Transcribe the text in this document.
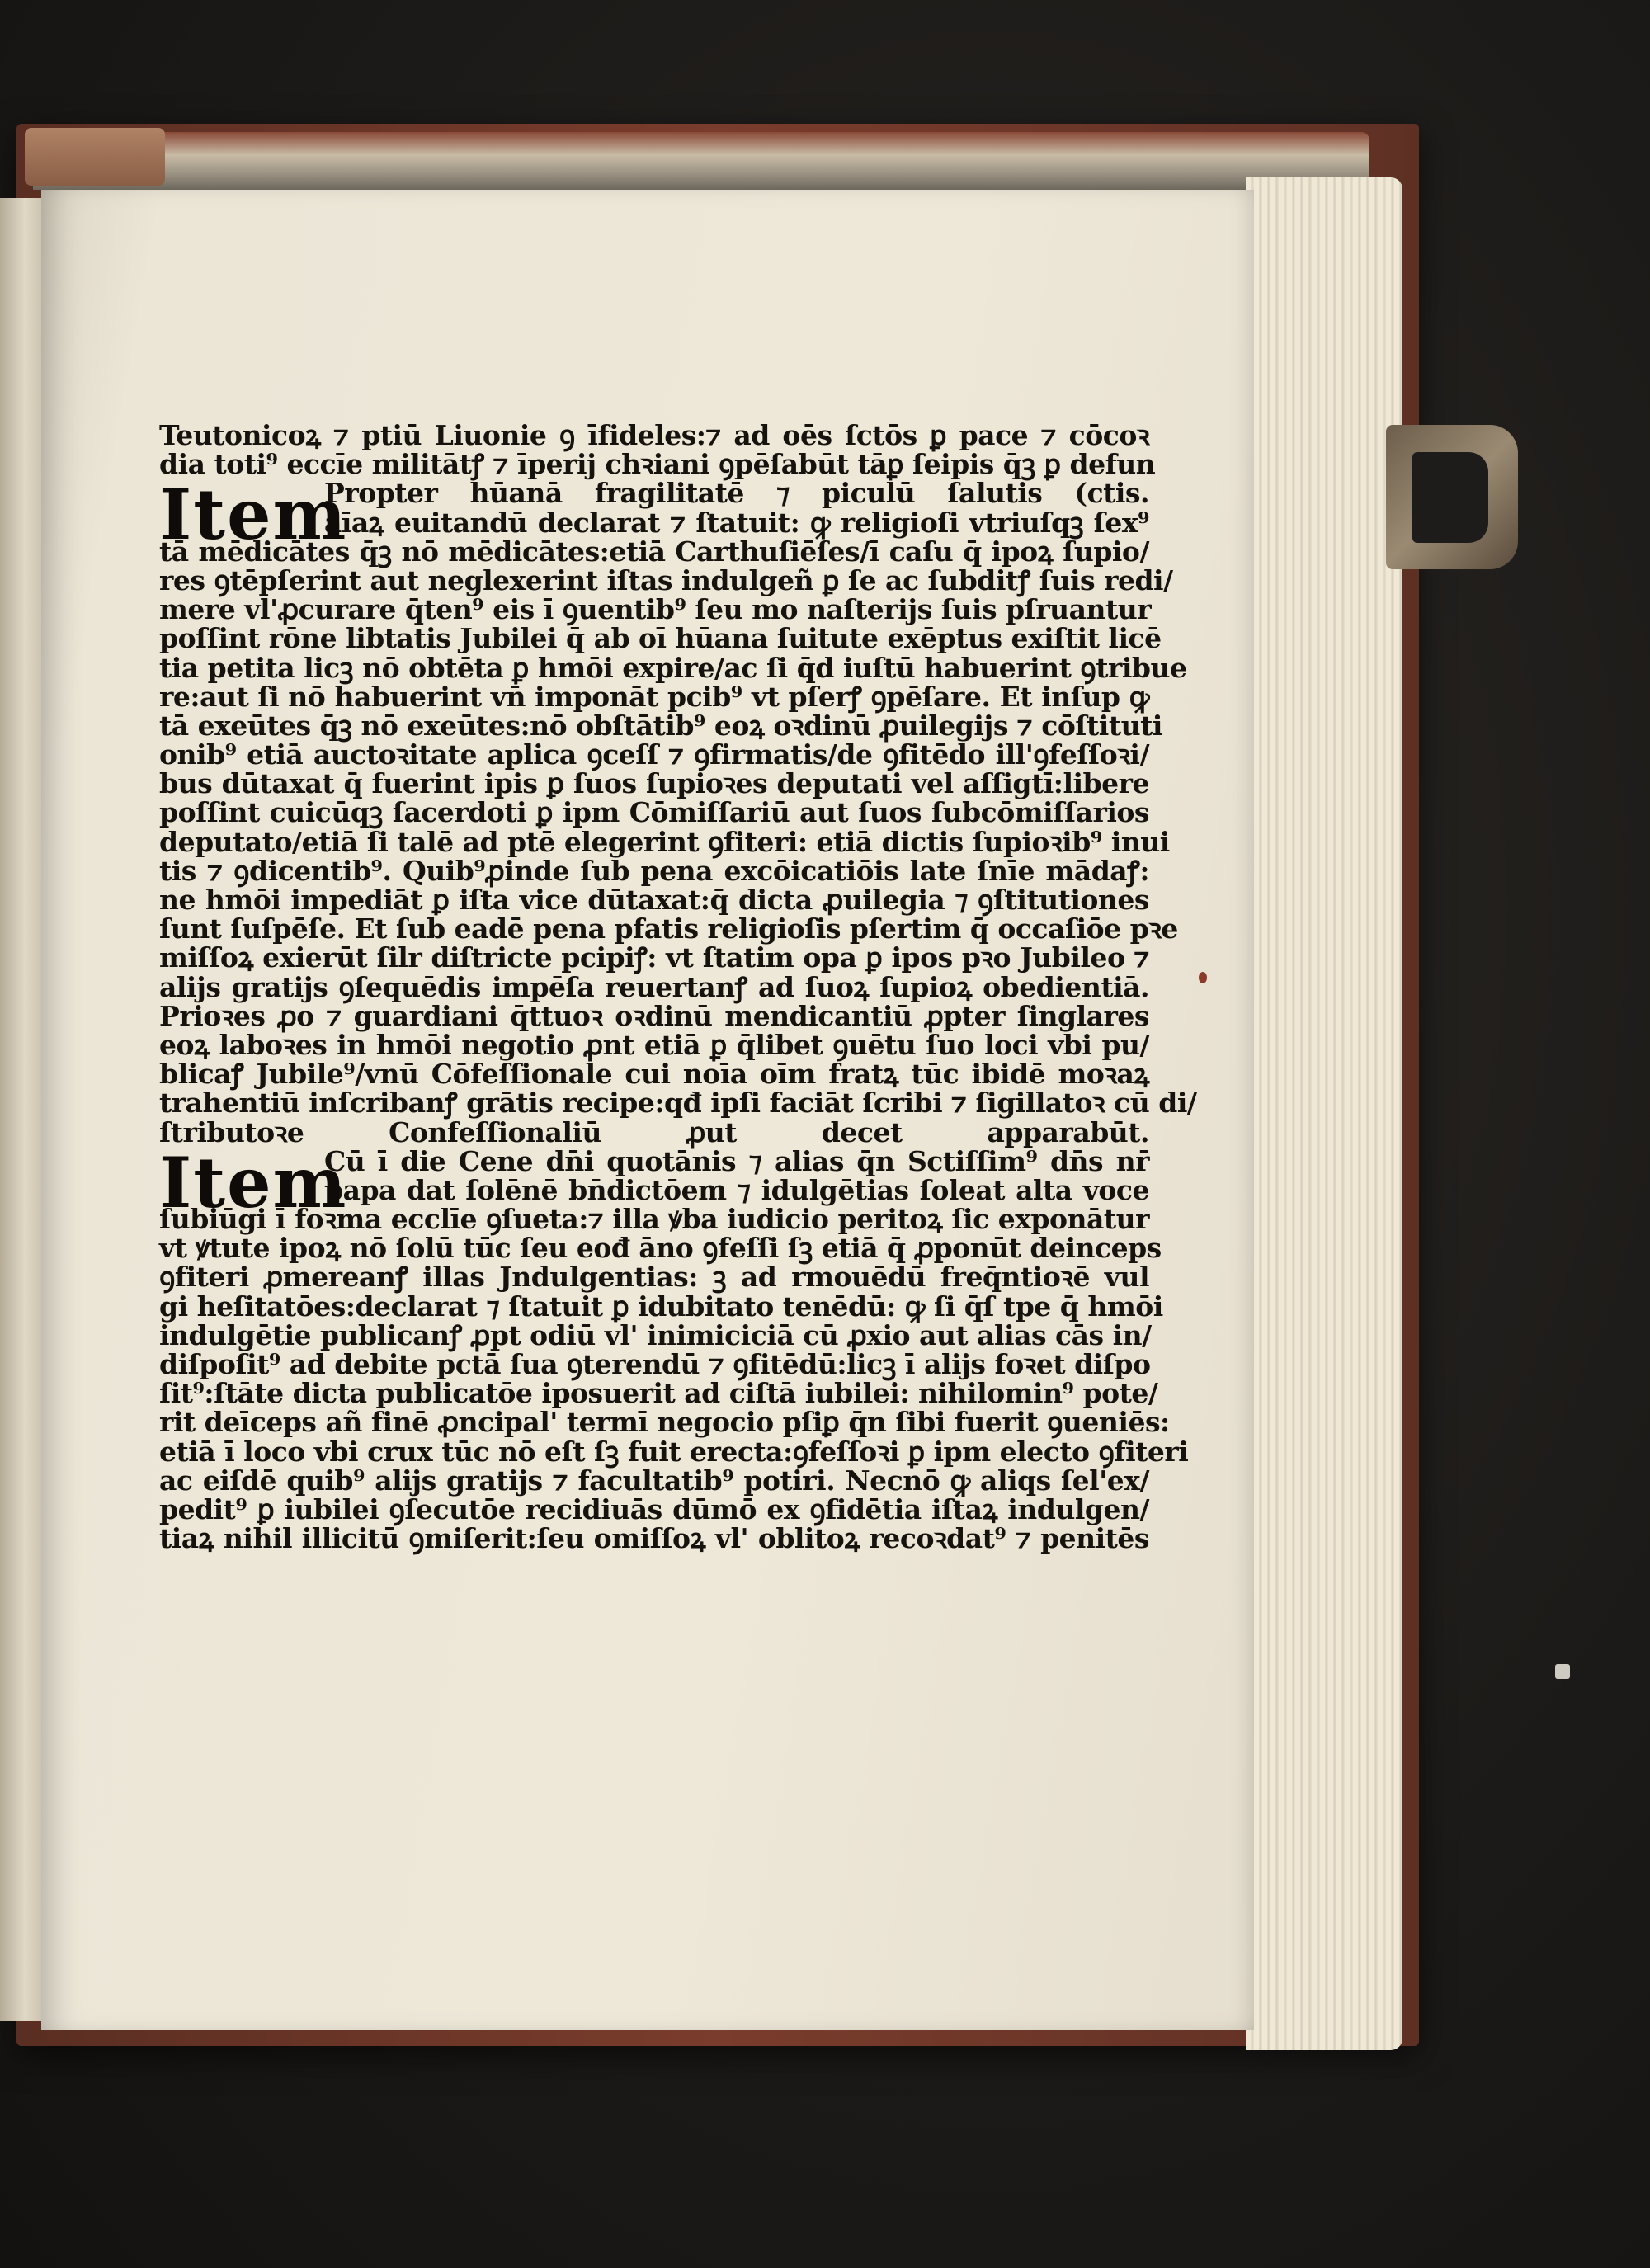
Teutonicoꝝ ⁊ ptiū Liuonie ꝯ īfideles:⁊ ad oēs ſctōs ꝑ pace ⁊ cōcoꝛ
dia toti⁹ eccīe militātꝭ ⁊ īperij chꝛiani ꝯpēſabūt tāꝑ ſeipis q̄ꝫ ꝑ defun
Item
Propter hūanā fragilitatē ⁊ piculū ſalutis (ctis.
aīaꝝ euitandū declarat ⁊ ſtatuit: ꝙ religioſi vtriuſqꝫ ſex⁹
tā mēdicātes q̄ꝫ nō mēdicātes:etiā Carthuſiēſes/ī caſu q̄ ipoꝝ ſupio/
res ꝯtēpſerint aut neglexerint iſtas indulgeñ ꝑ ſe ac ſubditꝭ ſuis redi/
mere vl'ꝓcurare q̄ten⁹ eis ī ꝯuentib⁹ ſeu mo naſterijs ſuis pſruantur
poſſint rōne libtatis Jubilei q̄ ab oī hūana ſuitute exēptus exiſtit licē
tia petita licꝫ nō obtēta ꝑ hmōi expire/ac ſi q̄d iuſtū habuerint ꝯtribue
re:aut ſi nō habuerint vn̄ imponāt pcib⁹ vt pſerꝭ ꝯpēſare. Et inſup ꝙ
tā exeūtes q̄ꝫ nō exeūtes:nō obſtātib⁹ eoꝝ oꝛdinū ꝓuilegijs ⁊ cōſtituti
onib⁹ etiā auctoꝛitate aplica ꝯceſſ ⁊ ꝯfirmatis/de ꝯfitēdo ill'ꝯfeſſoꝛi/
bus dūtaxat q̄ fuerint ipis ꝑ ſuos ſupioꝛes deputati vel aſſigtī:libere
poſſint cuicūqꝫ ſacerdoti ꝑ ipm Cōmiſſariū aut ſuos ſubcōmiſſarios
deputato/etiā ſi talē ad ptē elegerint ꝯfiteri: etiā dictis ſupioꝛib⁹ inui
tis ⁊ ꝯdicentib⁹. Quib⁹ꝓinde ſub pena excōicatiōis late ſnīe mādaꝭ:
ne hmōi impediāt ꝑ iſta vice dūtaxat:q̄ dicta ꝓuilegia ⁊ ꝯſtitutiones
ſunt ſuſpēſe. Et ſub eadē pena pfatis religioſis pſertim q̄ occaſiōe pꝛe
miſſoꝝ exierūt ſilr diſtricte pcipiꝭ: vt ſtatim opa ꝑ ipos pꝛo Jubileo ⁊
alijs gratijs ꝯſequēdis impēſa reuertanꝭ ad ſuoꝝ ſupioꝝ obedientiā.
Prioꝛes ꝓo ⁊ guardiani q̄ttuoꝛ oꝛdinū mendicantiū ꝓpter ſinglares
eoꝝ laboꝛes in hmōi negotio ꝓnt etiā ꝑ q̄libet ꝯuētu ſuo loci vbi pu/
blicaꝭ Jubile⁹/vnū Cōfeſſionale cui noīa oīm fratꝝ tūc ibidē moꝛaꝝ
trahentiū inſcribanꝭ grātis recipe:qđ ipſi faciāt ſcribi ⁊ ſigillatoꝛ cū di/
ſtributoꝛe Confeſſionaliū ꝓut decet apparabūt.
Item
Cū ī die Cene dn̄i quotānis ⁊ alias q̄n Sctiſſim⁹ dn̄s nr̄
papa dat ſolēnē bn̄dictōem ⁊ idulgētias ſoleat alta voce
ſubiūgi ī foꝛma ecclīe ꝯſueta:⁊ illa ꝟba iudicio peritoꝝ ſic exponātur
vt ꝟtute ipoꝝ nō ſolū tūc ſeu eođ āno ꝯfeſſi ſꝫ etiā q̄ ꝓponūt deinceps
ꝯfiteri ꝓmereanꝭ illas Jndulgentias: ꝫ ad rmouēdū freq̄ntioꝛē vul
gi heſitatōes:declarat ⁊ ſtatuit ꝑ idubitato tenēdū: ꝙ ſi q̄ſ tpe q̄ hmōi
indulgētie publicanꝭ ꝓpt odiū vl' inimiciciā cū ꝓxio aut alias cās in/
diſpoſit⁹ ad debite pctā ſua ꝯterendū ⁊ ꝯfitēdū:licꝫ ī alijs foꝛet diſpo
ſit⁹:ſtāte dicta publicatōe iposuerit ad ciſtā iubilei: nihilomin⁹ pote/
rit deīceps añ finē ꝓncipal' termī negocio pſiꝑ q̄n ſibi fuerit ꝯueniēs:
etiā ī loco vbi crux tūc nō eſt ſꝫ fuit erecta:ꝯfeſſoꝛi ꝑ ipm electo ꝯfiteri
ac eiſdē quib⁹ alijs gratijs ⁊ facultatib⁹ potiri. Necnō ꝙ aliqs ſel'ex/
pedit⁹ ꝑ iubilei ꝯſecutōe recidiuās dūmō ex ꝯfidētia iſtaꝝ indulgen/
tiaꝝ nihil illicitū ꝯmiſerit:ſeu omiſſoꝝ vl' oblitoꝝ recoꝛdat⁹ ⁊ penitēs
